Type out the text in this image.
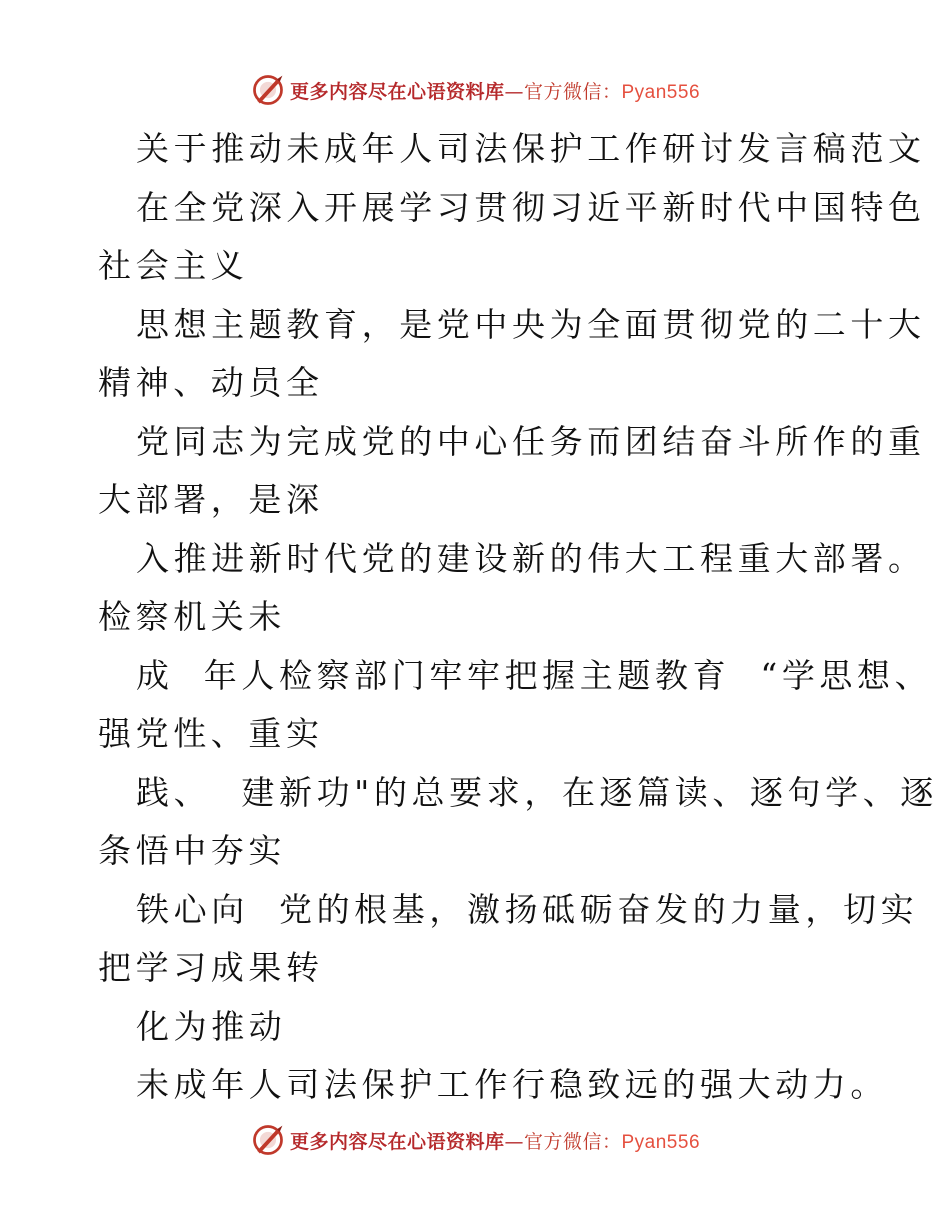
更多内容尽在心语资料库—官方微信：Pyan556
关于推动未成年人司法保护工作研讨发言稿范文
在全党深入开展学习贯彻习近平新时代中国特色
社会主义
思想主题教育，是党中央为全面贯彻党的二十大
精神、动员全
党同志为完成党的中心任务而团结奋斗所作的重
大部署，是深
入推进新时代党的建设新的伟大工程重大部署。
检察机关未
成  年人检察部门牢牢把握主题教育  “学思想、
强党性、重实
践、  建新功"的总要求，在逐篇读、逐句学、逐
条悟中夯实
铁心向  党的根基，激扬砥砺奋发的力量，切实
把学习成果转
化为推动
未成年人司法保护工作行稳致远的强大动力。
更多内容尽在心语资料库—官方微信：Pyan556
